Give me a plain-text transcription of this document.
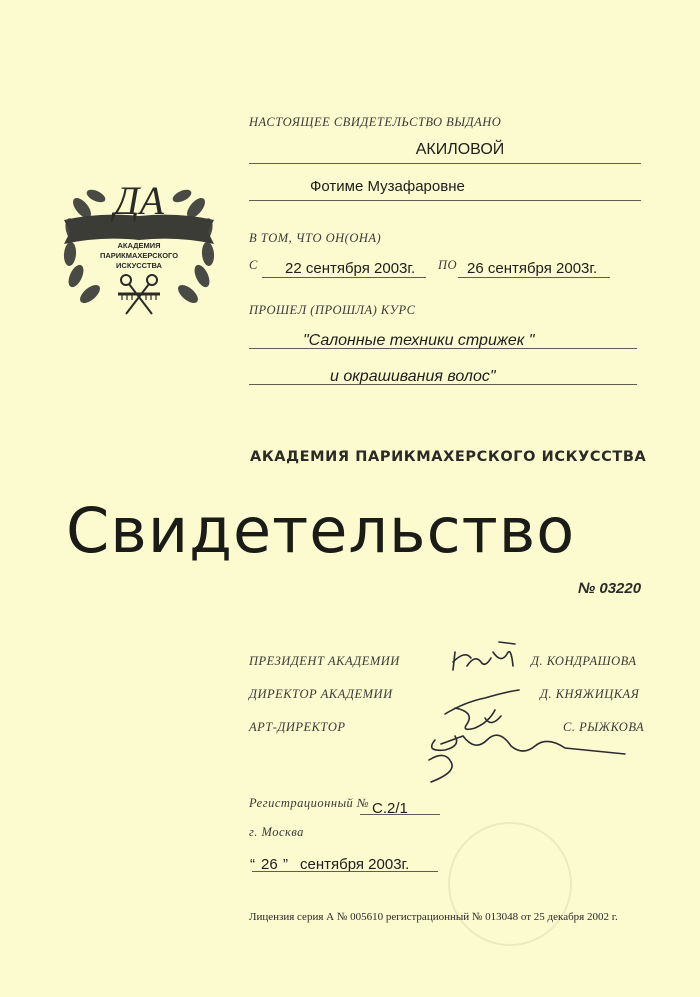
ДА
АКАДЕМИЯ
ПАРИКМАХЕРСКОГО
ИСКУССТВА
НАСТОЯЩЕЕ СВИДЕТЕЛЬСТВО ВЫДАНО
АКИЛОВОЙ
Фотиме Музафаровне
В ТОМ, ЧТО ОН(ОНА)
С 22 сентября 2003г. ПО 26 сентября 2003г.
ПРОШЕЛ (ПРОШЛА) КУРС
"Салонные техники стрижек "
и окрашивания волос"
АКАДЕМИЯ ПАРИКМАХЕРСКОГО ИСКУССТВА
Свидетельство
№ 03220
ПРЕЗИДЕНТ АКАДЕМИИ	Д. КОНДРАШОВА
ДИРЕКТОР АКАДЕМИИ	Д. КНЯЖИЦКАЯ
АРТ-ДИРЕКТОР	С. РЫЖКОВА
Регистрационный № С.2/1
г. Москва
“ 26 ” сентября 2003г.
Лицензия серия А № 005610 регистрационный № 013048 от 25 декабря 2002 г.
